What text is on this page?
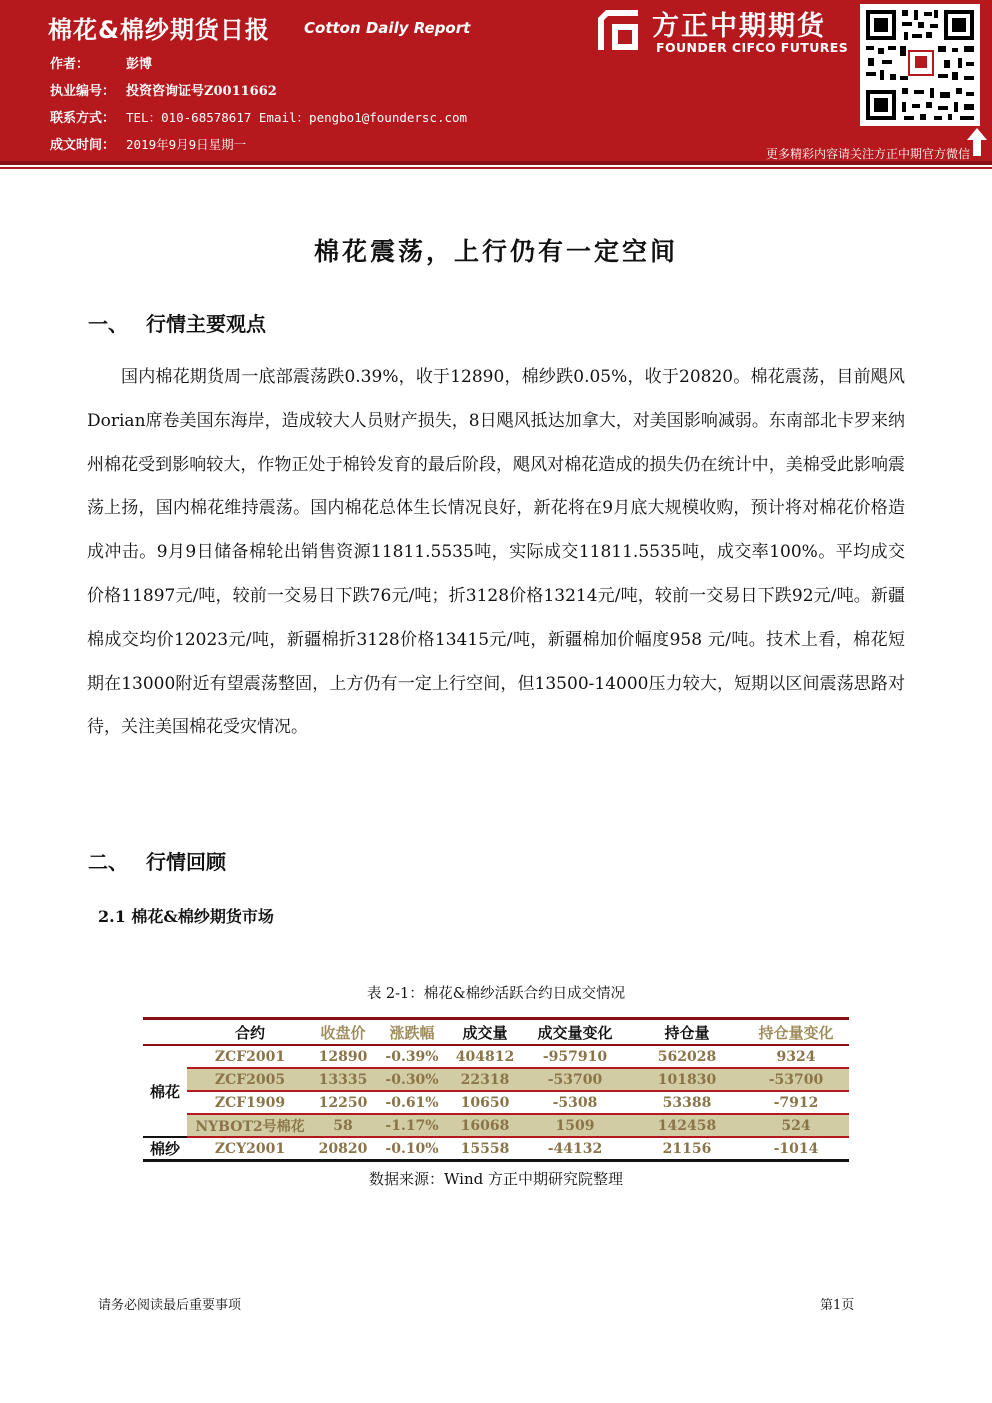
棉花&棉纱期货日报 Cotton Daily Report
作者：	彭博
执业编号： 投资咨询证号Z0011662
联系方式： TEL：010-68578617 Email：pengbo1@foundersc.com
成文时间： 2019年9月9日星期一
方正中期期货
FOUNDER CIFCO FUTURES
更多精彩内容请关注方正中期官方微信
棉花震荡，上行仍有一定空间
一、 行情主要观点
国内棉花期货周一底部震荡跌0.39%，收于12890，棉纱跌0.05%，收于20820。棉花震荡，目前飓风Dorian席卷美国东海岸，造成较大人员财产损失，8日飓风抵达加拿大，对美国影响减弱。东南部北卡罗来纳州棉花受到影响较大，作物正处于棉铃发育的最后阶段，飓风对棉花造成的损失仍在统计中，美棉受此影响震荡上扬，国内棉花维持震荡。国内棉花总体生长情况良好，新花将在9月底大规模收购，预计将对棉花价格造成冲击。9月9日储备棉轮出销售资源11811.5535吨，实际成交11811.5535吨，成交率100%。平均成交价格11897元/吨，较前一交易日下跌76元/吨；折3128价格13214元/吨，较前一交易日下跌92元/吨。新疆棉成交均价12023元/吨，新疆棉折3128价格13415元/吨，新疆棉加价幅度958 元/吨。技术上看，棉花短期在13000附近有望震荡整固，上方仍有一定上行空间，但13500-14000压力较大，短期以区间震荡思路对待，关注美国棉花受灾情况。
二、 行情回顾
2.1 棉花&棉纱期货市场
表 2-1：棉花&棉纱活跃合约日成交情况
	合约	收盘价	涨跌幅	成交量	成交量变化	持仓量	持仓量变化
棉花	ZCF2001	12890	-0.39%	404812	-957910	562028	9324
	ZCF2005	13335	-0.30%	22318	-53700	101830	-53700
	ZCF1909	12250	-0.61%	10650	-5308	53388	-7912
	NYBOT2号棉花	58	-1.17%	16068	1509	142458	524
棉纱	ZCY2001	20820	-0.10%	15558	-44132	21156	-1014
数据来源：Wind 方正中期研究院整理
请务必阅读最后重要事项	第1页
